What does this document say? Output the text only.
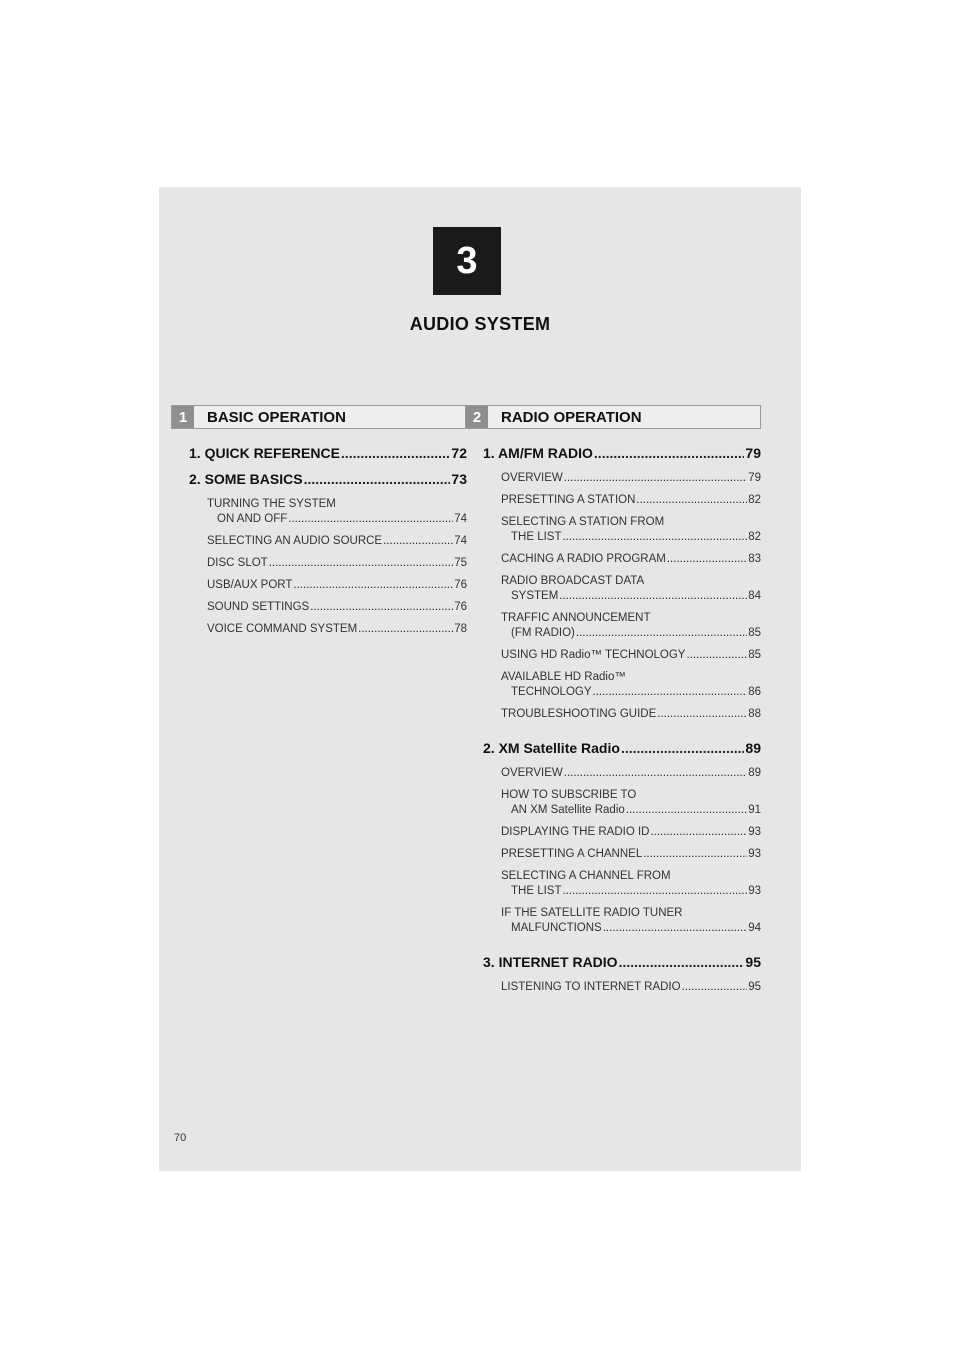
3
AUDIO SYSTEM
1	BASIC OPERATION
1. QUICK REFERENCE .....	72
2. SOME BASICS .....	73
TURNING THE SYSTEM
ON AND OFF .....	74
SELECTING AN AUDIO SOURCE .....	74
DISC SLOT .....	75
USB/AUX PORT .....	76
SOUND SETTINGS .....	76
VOICE COMMAND SYSTEM .....	78
2	RADIO OPERATION
1. AM/FM RADIO .....	79
OVERVIEW .....	79
PRESETTING A STATION .....	82
SELECTING A STATION FROM
THE LIST .....	82
CACHING A RADIO PROGRAM .....	83
RADIO BROADCAST DATA
SYSTEM .....	84
TRAFFIC ANNOUNCEMENT
(FM RADIO) .....	85
USING HD Radio™ TECHNOLOGY .....	85
AVAILABLE HD Radio™
TECHNOLOGY .....	86
TROUBLESHOOTING GUIDE .....	88
2. XM Satellite Radio .....	89
OVERVIEW .....	89
HOW TO SUBSCRIBE TO
AN XM Satellite Radio .....	91
DISPLAYING THE RADIO ID .....	93
PRESETTING A CHANNEL .....	93
SELECTING A CHANNEL FROM
THE LIST .....	93
IF THE SATELLITE RADIO TUNER
MALFUNCTIONS .....	94
3. INTERNET RADIO .....	95
LISTENING TO INTERNET RADIO .....	95
70
